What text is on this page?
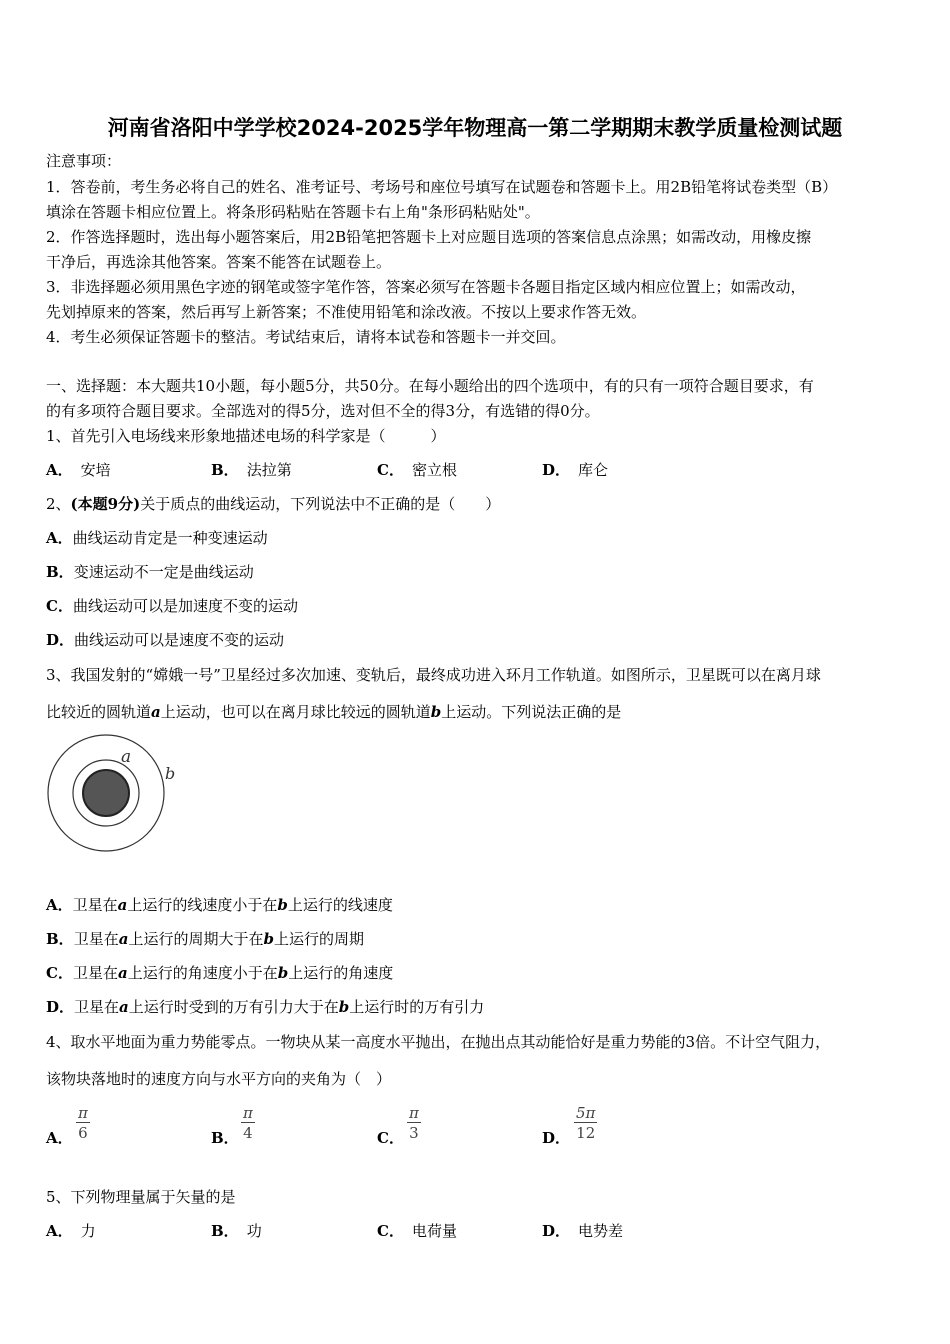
河南省洛阳中学学校2024-2025学年物理高一第二学期期末教学质量检测试题
注意事项：
1．答卷前，考生务必将自己的姓名、准考证号、考场号和座位号填写在试题卷和答题卡上。用2B铅笔将试卷类型（B）
填涂在答题卡相应位置上。将条形码粘贴在答题卡右上角"条形码粘贴处"。
2．作答选择题时，选出每小题答案后，用2B铅笔把答题卡上对应题目选项的答案信息点涂黑；如需改动，用橡皮擦
干净后，再选涂其他答案。答案不能答在试题卷上。
3．非选择题必须用黑色字迹的钢笔或签字笔作答，答案必须写在答题卡各题目指定区域内相应位置上；如需改动，
先划掉原来的答案，然后再写上新答案；不准使用铅笔和涂改液。不按以上要求作答无效。
4．考生必须保证答题卡的整洁。考试结束后，请将本试卷和答题卡一并交回。
一、选择题：本大题共10小题，每小题5分，共50分。在每小题给出的四个选项中，有的只有一项符合题目要求，有
的有多项符合题目要求。全部选对的得5分，选对但不全的得3分，有选错的得0分。
1、首先引入电场线来形象地描述电场的科学家是（　　　）
A． 安培	B． 法拉第	C． 密立根	D． 库仑
2、(本题9分)关于质点的曲线运动，下列说法中不正确的是（　　）
A．曲线运动肯定是一种变速运动
B．变速运动不一定是曲线运动
C．曲线运动可以是加速度不变的运动
D．曲线运动可以是速度不变的运动
3、我国发射的“嫦娥一号”卫星经过多次加速、变轨后，最终成功进入环月工作轨道。如图所示，卫星既可以在离月球
比较近的圆轨道a上运动，也可以在离月球比较远的圆轨道b上运动。下列说法正确的是
a
b
A．卫星在a上运行的线速度小于在b上运行的线速度
B．卫星在a上运行的周期大于在b上运行的周期
C．卫星在a上运行的角速度小于在b上运行的角速度
D．卫星在a上运行时受到的万有引力大于在b上运行时的万有引力
4、取水平地面为重力势能零点。一物块从某一高度水平抛出，在抛出点其动能恰好是重力势能的3倍。不计空气阻力，
该物块落地时的速度方向与水平方向的夹角为（　）
A．
π
6	B．
π
4	C．
π
3	D．
5π
12
5、下列物理量属于矢量的是
A． 力	B． 功	C． 电荷量	D． 电势差
